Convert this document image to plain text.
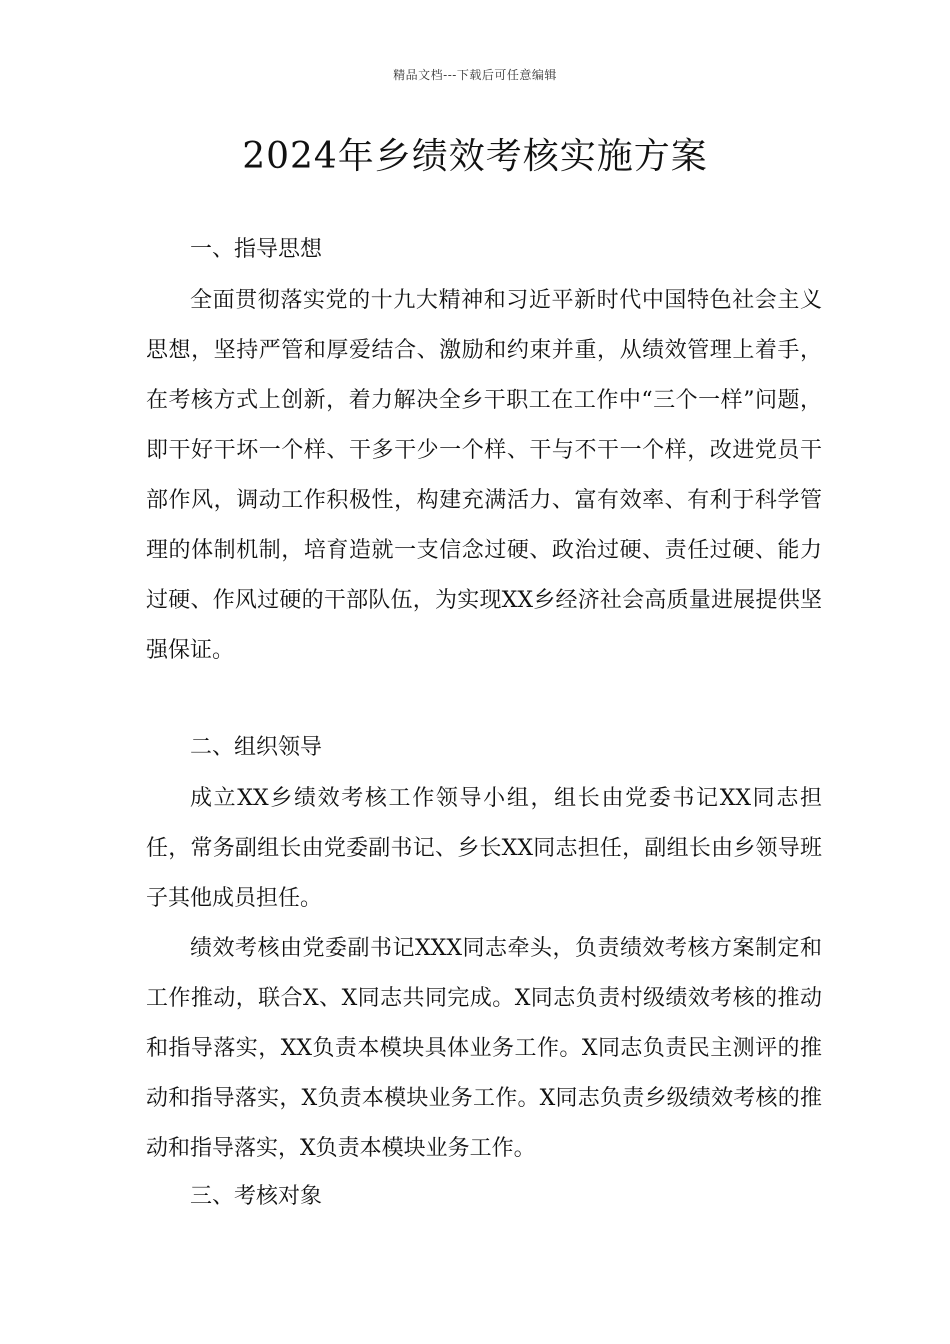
精品文档---下载后可任意编辑
2024年乡绩效考核实施方案
一、指导思想

全面贯彻落实党的十九大精神和习近平新时代中国特色社会主义思想，坚持严管和厚爱结合、激励和约束并重，从绩效管理上着手，在考核方式上创新，着力解决全乡干职工在工作中“三个一样”问题，即干好干坏一个样、干多干少一个样、干与不干一个样，改进党员干部作风，调动工作积极性，构建充满活力、富有效率、有利于科学管理的体制机制，培育造就一支信念过硬、政治过硬、责任过硬、能力过硬、作风过硬的干部队伍，为实现XX乡经济社会高质量进展提供坚强保证。

二、组织领导

成立XX乡绩效考核工作领导小组，组长由党委书记XX同志担任，常务副组长由党委副书记、乡长XX同志担任，副组长由乡领导班子其他成员担任。

绩效考核由党委副书记XXX同志牵头，负责绩效考核方案制定和工作推动，联合X、X同志共同完成。X同志负责村级绩效考核的推动和指导落实，XX负责本模块具体业务工作。X同志负责民主测评的推动和指导落实，X负责本模块业务工作。X同志负责乡级绩效考核的推动和指导落实，X负责本模块业务工作。

三、考核对象
